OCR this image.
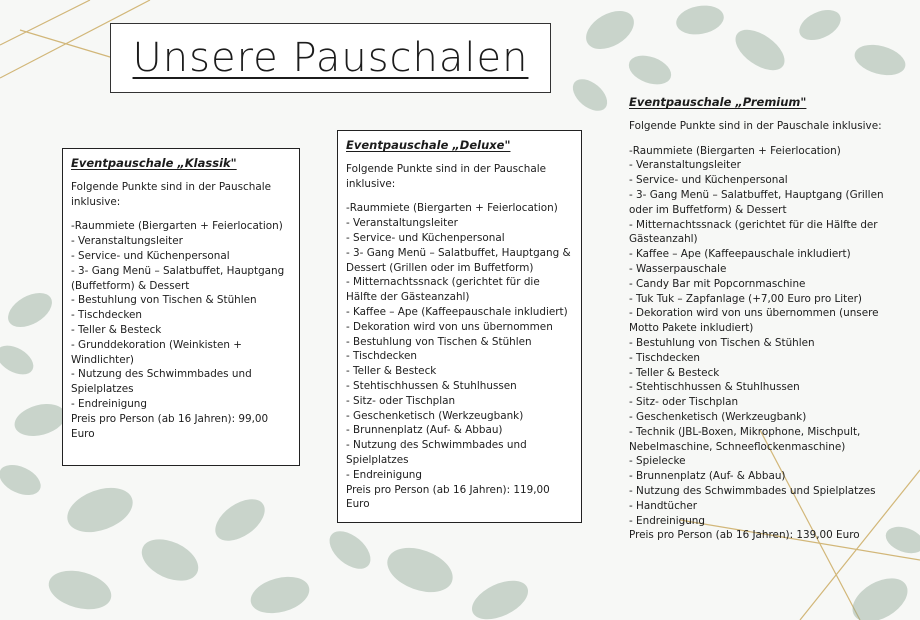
Unsere Pauschalen
Eventpauschale „Klassik"

Folgende Punkte sind in der Pauschale inklusive:

-Raummiete (Biergarten + Feierlocation)
- Veranstaltungsleiter
- Service- und Küchenpersonal
- 3- Gang Menü – Salatbuffet, Hauptgang (Buffetform) & Dessert
- Bestuhlung von Tischen & Stühlen
- Tischdecken
- Teller & Besteck
- Grunddekoration (Weinkisten + Windlichter)
- Nutzung des Schwimmbades und Spielplatzes
- Endreinigung

Preis pro Person (ab 16 Jahren): 99,00 Euro

Eventpauschale „Deluxe"

Folgende Punkte sind in der Pauschale inklusive:

-Raummiete (Biergarten + Feierlocation)
- Veranstaltungsleiter
- Service- und Küchenpersonal
- 3- Gang Menü – Salatbuffet, Hauptgang & Dessert (Grillen oder im Buffetform)
- Mitternachtssnack (gerichtet für die Hälfte der Gästeanzahl)
- Kaffee – Ape (Kaffeepauschale inkludiert)
- Dekoration wird von uns übernommen
- Bestuhlung von Tischen & Stühlen
- Tischdecken
- Teller & Besteck
- Stehtischhussen & Stuhlhussen
- Sitz- oder Tischplan
- Geschenketisch (Werkzeugbank)
- Brunnenplatz (Auf- & Abbau)
- Nutzung des Schwimmbades und Spielplatzes
- Endreinigung

Preis pro Person (ab 16 Jahren): 119,00 Euro

Eventpauschale „Premium"

Folgende Punkte sind in der Pauschale inklusive:

-Raummiete (Biergarten + Feierlocation)
- Veranstaltungsleiter
- Service- und Küchenpersonal
- 3- Gang Menü – Salatbuffet, Hauptgang (Grillen oder im Buffetform) & Dessert
- Mitternachtssnack (gerichtet für die Hälfte der Gästeanzahl)
- Kaffee – Ape (Kaffeepauschale inkludiert)
- Wasserpauschale
- Candy Bar mit Popcornmaschine
- Tuk Tuk – Zapfanlage (+7,00 Euro pro Liter)
- Dekoration wird von uns übernommen (unsere Motto Pakete inkludiert)
- Bestuhlung von Tischen & Stühlen
- Tischdecken
- Teller & Besteck
- Stehtischhussen & Stuhlhussen
- Sitz- oder Tischplan
- Geschenketisch (Werkzeugbank)
- Technik (JBL-Boxen, Mikrophone, Mischpult, Nebelmaschine, Schneeflockenmaschine)
- Spielecke
- Brunnenplatz (Auf- & Abbau)
- Nutzung des Schwimmbades und Spielplatzes
- Handtücher
- Endreinigung

Preis pro Person (ab 16 Jahren): 139,00 Euro
